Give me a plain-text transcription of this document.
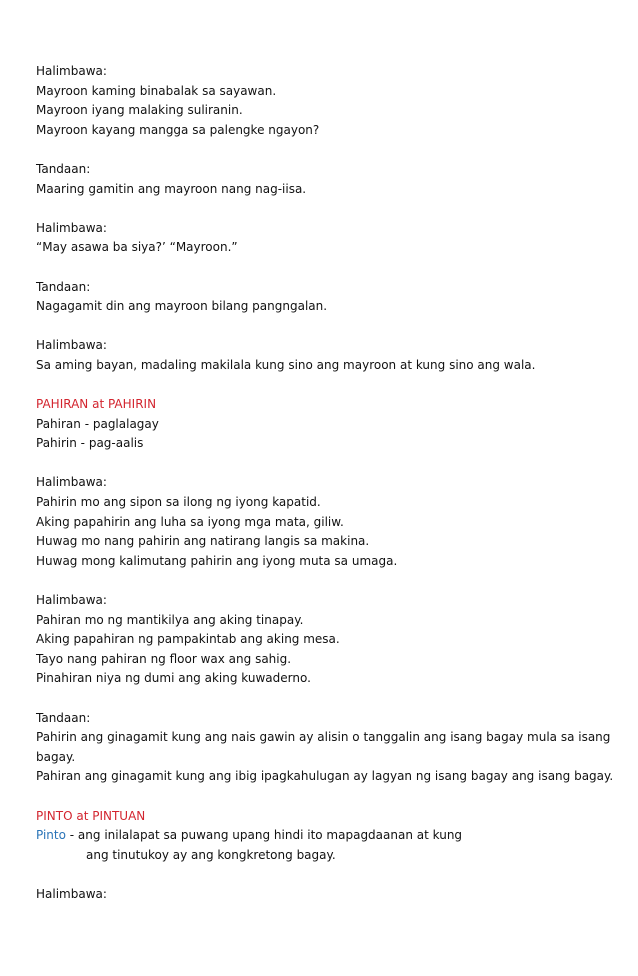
Halimbawa:
Mayroon kaming binabalak sa sayawan.
Mayroon iyang malaking suliranin.
Mayroon kayang mangga sa palengke ngayon?
Tandaan:
Maaring gamitin ang mayroon nang nag-iisa.
Halimbawa:
“May asawa ba siya?’ “Mayroon.”
Tandaan:
Nagagamit din ang mayroon bilang pangngalan.
Halimbawa:
Sa aming bayan, madaling makilala kung sino ang mayroon at kung sino ang wala.
PAHIRAN at PAHIRIN
Pahiran - paglalagay
Pahirin - pag-aalis
Halimbawa:
Pahirin mo ang sipon sa ilong ng iyong kapatid.
Aking papahirin ang luha sa iyong mga mata, giliw.
Huwag mo nang pahirin ang natirang langis sa makina.
Huwag mong kalimutang pahirin ang iyong muta sa umaga.
Halimbawa:
Pahiran mo ng mantikilya ang aking tinapay.
Aking papahiran ng pampakintab ang aking mesa.
Tayo nang pahiran ng floor wax ang sahig.
Pinahiran niya ng dumi ang aking kuwaderno.
Tandaan:
Pahirin ang ginagamit kung ang nais gawin ay alisin o tanggalin ang isang bagay mula sa isang
bagay.
Pahiran ang ginagamit kung ang ibig ipagkahulugan ay lagyan ng isang bagay ang isang bagay.
PINTO at PINTUAN
Pinto - ang inilalapat sa puwang upang hindi ito mapagdaanan at kung
ang tinutukoy ay ang kongkretong bagay.
Halimbawa:
